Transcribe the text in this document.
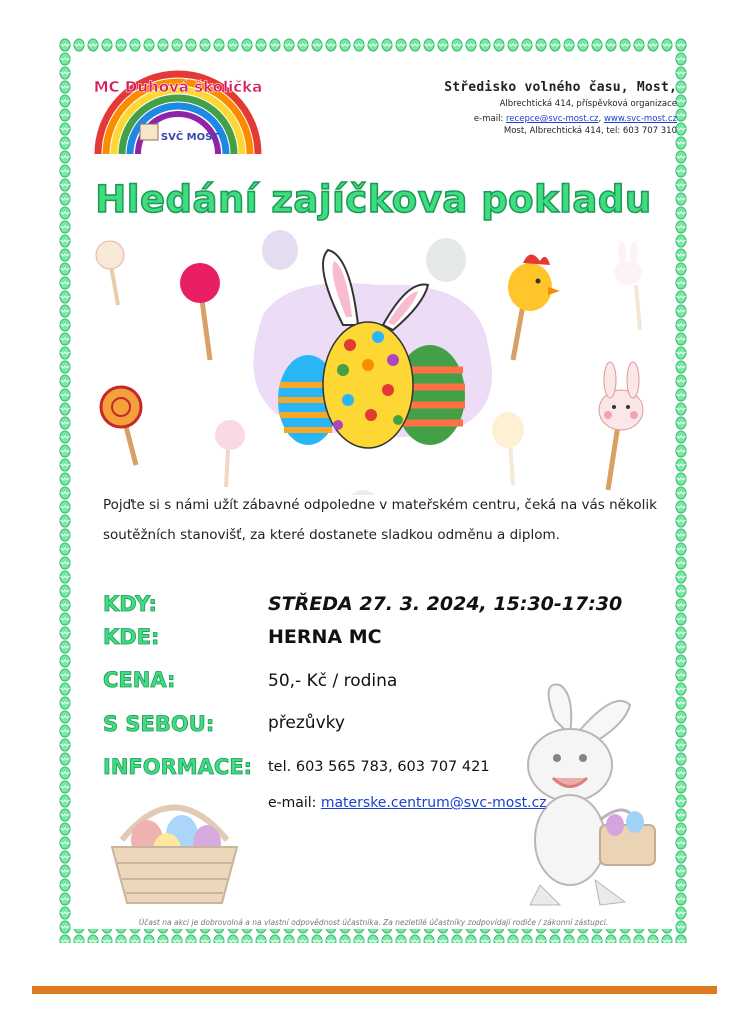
MC Duhová školička
SVČ MOST
Středisko volného času, Most,
Albrechtická 414, příspěvková organizace
e-mail: recepce@svc-most.cz, www.svc-most.cz
Most, Albrechtická 414, tel: 603 707 310
Hledání zajíčkova pokladu
Pojďte si s námi užít zábavné odpoledne v mateřském centru, čeká na vás několik soutěžních stanovišť, za které dostanete sladkou odměnu a diplom.
KDY:	STŘEDA 27. 3. 2024, 15:30-17:30
KDE:	HERNA MC
CENA:	50,- Kč / rodina
S SEBOU:	přezůvky
INFORMACE: tel. 603 565 783, 603 707 421
e-mail: materske.centrum@svc-most.cz
Účast na akci je dobrovolná a na vlastní odpovědnost účastníka. Za nezletilé účastníky zodpovídají rodiče / zákonní zástupci.
